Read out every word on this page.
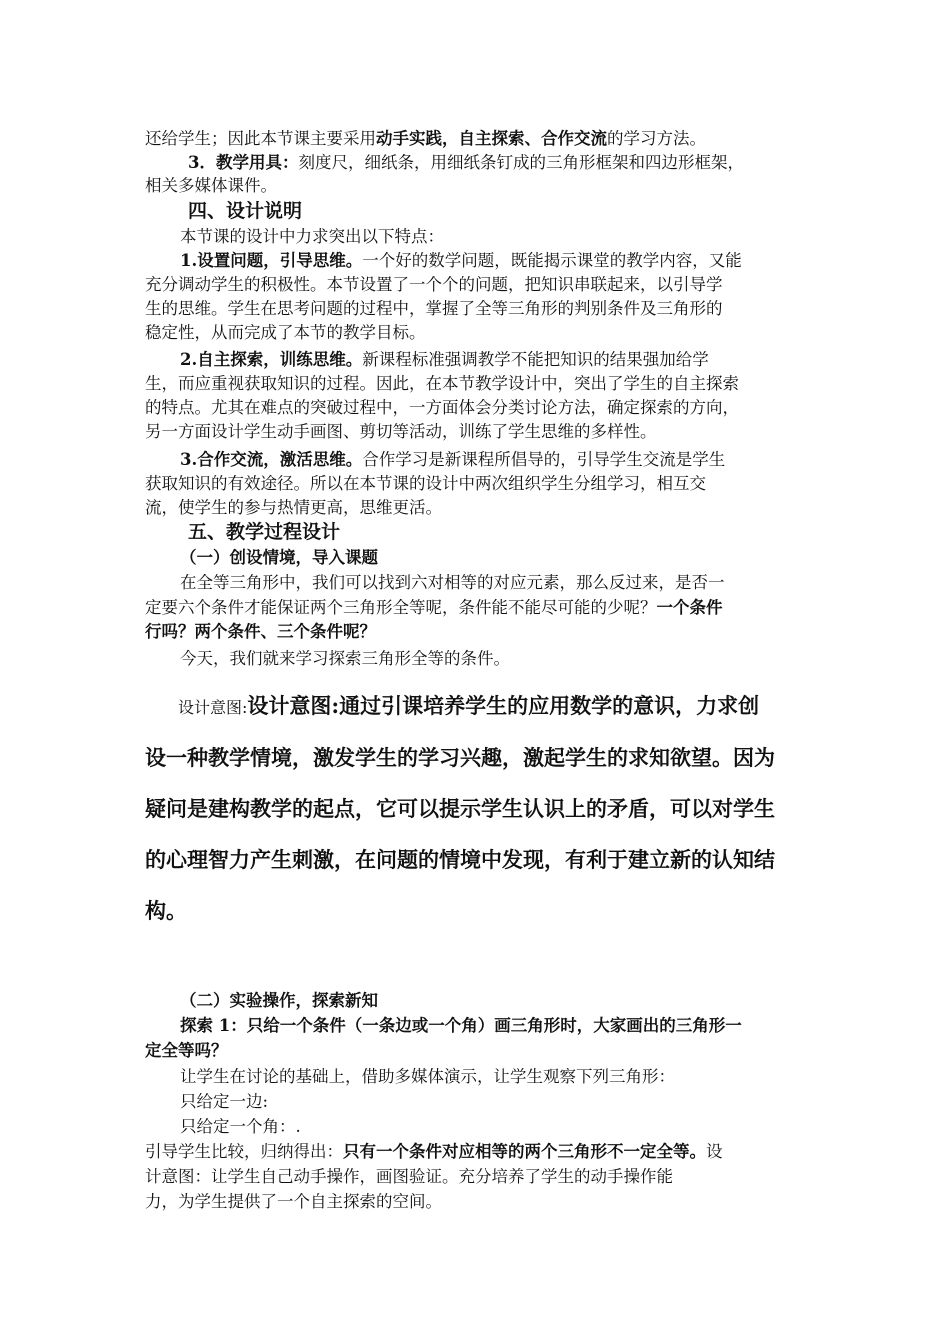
还给学生；因此本节课主要采用动手实践，自主探索、合作交流的学习方法。
3．教学用具：刻度尺，细纸条，用细纸条钉成的三角形框架和四边形框架，
相关多媒体课件。
四、设计说明
本节课的设计中力求突出以下特点：
1.设置问题，引导思维。一个好的数学问题，既能揭示课堂的教学内容，又能
充分调动学生的积极性。本节设置了一个个的问题，把知识串联起来，以引导学
生的思维。学生在思考问题的过程中，掌握了全等三角形的判别条件及三角形的
稳定性，从而完成了本节的教学目标。
2.自主探索，训练思维。新课程标准强调教学不能把知识的结果强加给学
生，而应重视获取知识的过程。因此，在本节教学设计中，突出了学生的自主探索
的特点。尤其在难点的突破过程中，一方面体会分类讨论方法，确定探索的方向，
另一方面设计学生动手画图、剪切等活动，训练了学生思维的多样性。
3.合作交流，激活思维。合作学习是新课程所倡导的，引导学生交流是学生
获取知识的有效途径。所以在本节课的设计中两次组织学生分组学习，相互交
流，使学生的参与热情更高，思维更活。
五、教学过程设计
（一）创设情境，导入课题
在全等三角形中，我们可以找到六对相等的对应元素，那么反过来，是否一
定要六个条件才能保证两个三角形全等呢，条件能不能尽可能的少呢？一个条件
行吗？两个条件、三个条件呢？
今天，我们就来学习探索三角形全等的条件。
设计意图:设计意图:通过引课培养学生的应用数学的意识，力求创
设一种教学情境，激发学生的学习兴趣，激起学生的求知欲望。因为
疑问是建构教学的起点，它可以提示学生认识上的矛盾，可以对学生
的心理智力产生刺激，在问题的情境中发现，有利于建立新的认知结
构。
（二）实验操作，探索新知
探索 1：只给一个条件（一条边或一个角）画三角形时，大家画出的三角形一
定全等吗？
让学生在讨论的基础上，借助多媒体演示，让学生观察下列三角形：
只给定一边:
只给定一个角：.
引导学生比较，归纳得出：只有一个条件对应相等的两个三角形不一定全等。设
计意图：让学生自己动手操作，画图验证。充分培养了学生的动手操作能
力，为学生提供了一个自主探索的空间。
